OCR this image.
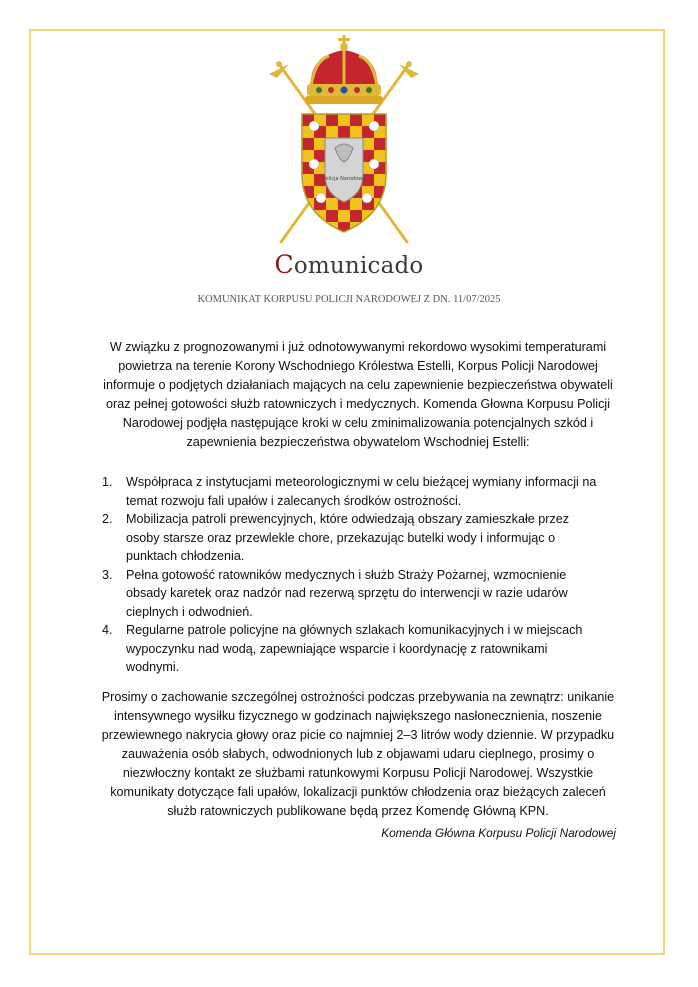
Policja Narodowa
Comunicado
KOMUNIKAT KORPUSU POLICJI NARODOWEJ Z DN. 11/07/2025
W związku z prognozowanymi i już odnotowywanymi rekordowo wysokimi temperaturami powietrza na terenie Korony Wschodniego Królestwa Estelli, Korpus Policji Narodowej informuje o podjętych działaniach mających na celu zapewnienie bezpieczeństwa obywateli oraz pełnej gotowości służb ratowniczych i medycznych. Komenda Głowna Korpusu Policji Narodowej podjęła następujące kroki w celu zminimalizowania potencjalnych szkód i zapewnienia bezpieczeństwa obywatelom Wschodniej Estelli:
1. Współpraca z instytucjami meteorologicznymi w celu bieżącej wymiany informacji na temat rozwoju fali upałów i zalecanych środków ostrożności.
2. Mobilizacja patroli prewencyjnych, które odwiedzają obszary zamieszkałe przez osoby starsze oraz przewlekle chore, przekazując butelki wody i informując o punktach chłodzenia.
3. Pełna gotowość ratowników medycznych i służb Straży Pożarnej, wzmocnienie obsady karetek oraz nadzór nad rezerwą sprzętu do interwencji w razie udarów cieplnych i odwodnień.
4. Regularne patrole policyjne na głównych szlakach komunikacyjnych i w miejscach wypoczynku nad wodą, zapewniające wsparcie i koordynację z ratownikami wodnymi.
Prosimy o zachowanie szczególnej ostrożności podczas przebywania na zewnątrz: unikanie intensywnego wysiłku fizycznego w godzinach największego nasłonecznienia, noszenie przewiewnego nakrycia głowy oraz picie co najmniej 2–3 litrów wody dziennie. W przypadku zauważenia osób słabych, odwodnionych lub z objawami udaru cieplnego, prosimy o niezwłoczny kontakt ze służbami ratunkowymi Korpusu Policji Narodowej. Wszystkie komunikaty dotyczące fali upałów, lokalizacji punktów chłodzenia oraz bieżących zaleceń służb ratowniczych publikowane będą przez Komendę Główną KPN.
Komenda Główna Korpusu Policji Narodowej
